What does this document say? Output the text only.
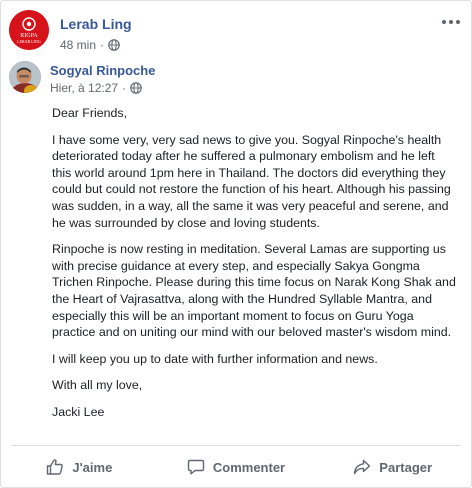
RIGPA
LERAB LING
Lerab Ling
48 min ·
Sogyal Rinpoche
Hier, à 12:27 ·

Dear Friends,

I have some very, very sad news to give you. Sogyal Rinpoche's health deteriorated today after he suffered a pulmonary embolism and he left this world around 1pm here in Thailand. The doctors did everything they could but could not restore the function of his heart. Although his passing was sudden, in a way, all the same it was very peaceful and serene, and he was surrounded by close and loving students.

Rinpoche is now resting in meditation. Several Lamas are supporting us with precise guidance at every step, and especially Sakya Gongma Trichen Rinpoche. Please during this time focus on Narak Kong Shak and the Heart of Vajrasattva, along with the Hundred Syllable Mantra, and especially this will be an important moment to focus on Guru Yoga practice and on uniting our mind with our beloved master's wisdom mind.

I will keep you up to date with further information and news.

With all my love,

Jacki Lee

J'aime	Commenter	Partager
